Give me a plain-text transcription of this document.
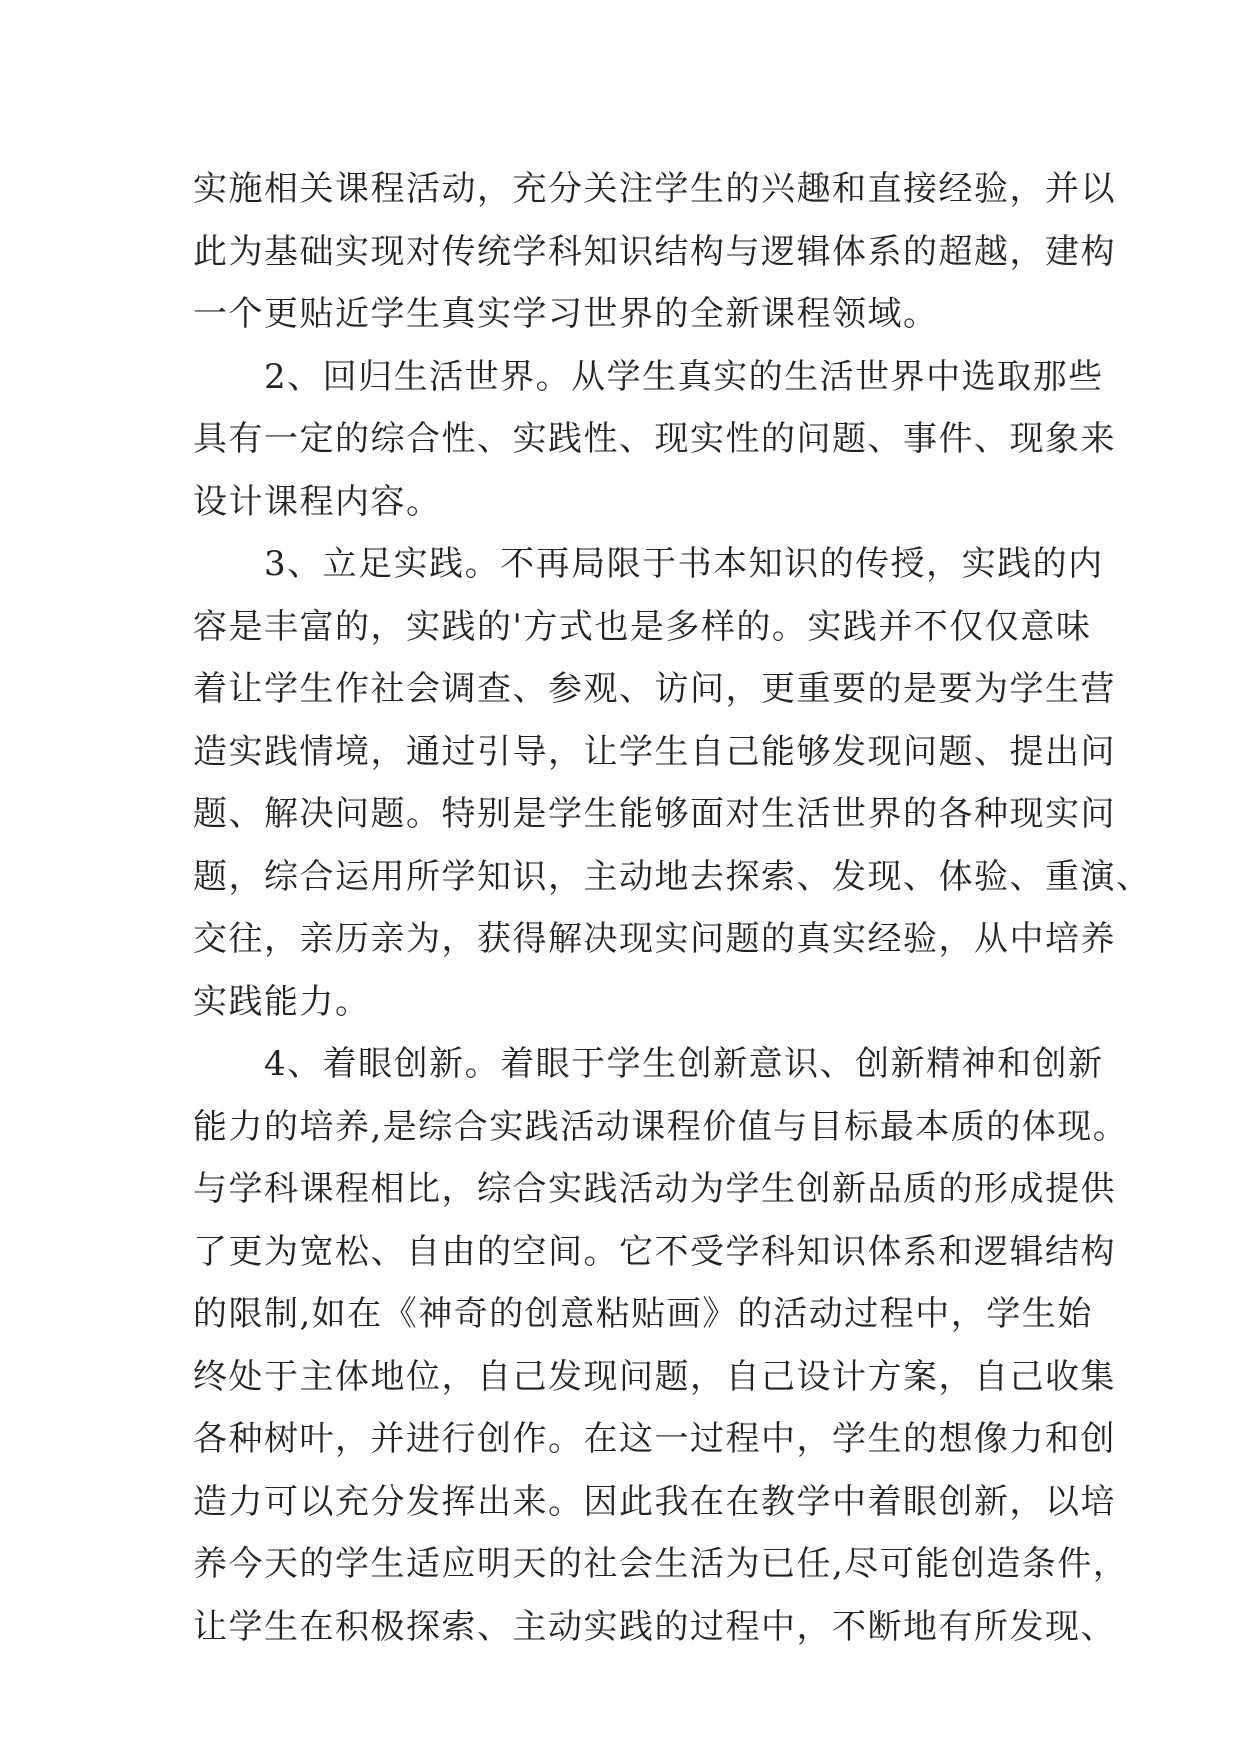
实施相关课程活动，充分关注学生的兴趣和直接经验，并以
此为基础实现对传统学科知识结构与逻辑体系的超越，建构
一个更贴近学生真实学习世界的全新课程领域。
　　2、回归生活世界。从学生真实的生活世界中选取那些
具有一定的综合性、实践性、现实性的问题、事件、现象来
设计课程内容。
　　3、立足实践。不再局限于书本知识的传授，实践的内
容是丰富的，实践的'方式也是多样的。实践并不仅仅意味
着让学生作社会调查、参观、访问，更重要的是要为学生营
造实践情境，通过引导，让学生自己能够发现问题、提出问
题、解决问题。特别是学生能够面对生活世界的各种现实问
题，综合运用所学知识，主动地去探索、发现、体验、重演、
交往，亲历亲为，获得解决现实问题的真实经验，从中培养
实践能力。
　　4、着眼创新。着眼于学生创新意识、创新精神和创新
能力的培养,是综合实践活动课程价值与目标最本质的体现。
与学科课程相比，综合实践活动为学生创新品质的形成提供
了更为宽松、自由的空间。它不受学科知识体系和逻辑结构
的限制,如在《神奇的创意粘贴画》的活动过程中，学生始
终处于主体地位，自己发现问题，自己设计方案，自己收集
各种树叶，并进行创作。在这一过程中，学生的想像力和创
造力可以充分发挥出来。因此我在在教学中着眼创新，以培
养今天的学生适应明天的社会生活为已任,尽可能创造条件，
让学生在积极探索、主动实践的过程中，不断地有所发现、
